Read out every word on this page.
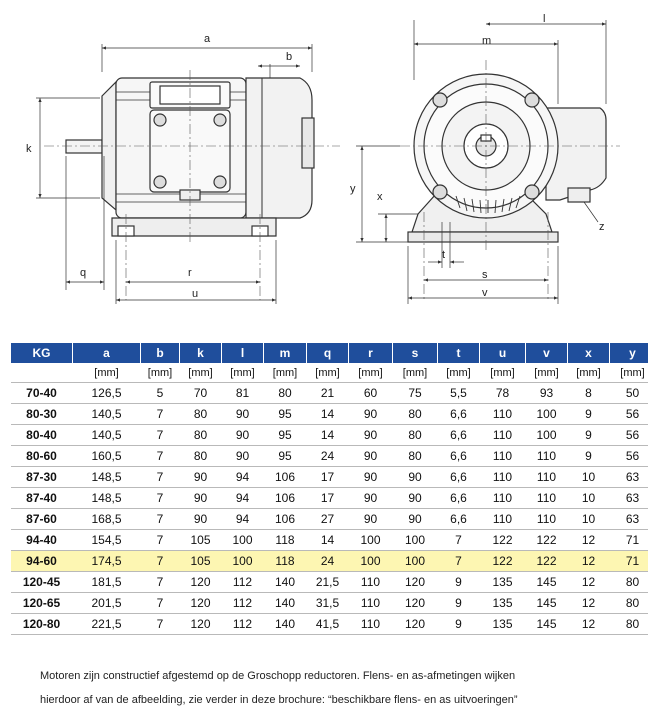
a
b
k
q	r
u
l
m
y
x
t
z
s
v
KG	a	b	k	l	m	q	r	s	t	u	v	x	y
	[mm]	[mm]	[mm]	[mm]	[mm]	[mm]	[mm]	[mm]	[mm]	[mm]	[mm]	[mm]	[mm]
70-40	126,5	5	70	81	80	21	60	75	5,5	78	93	8	50
80-30	140,5	7	80	90	95	14	90	80	6,6	110	100	9	56
80-40	140,5	7	80	90	95	14	90	80	6,6	110	100	9	56
80-60	160,5	7	80	90	95	24	90	80	6,6	110	110	9	56
87-30	148,5	7	90	94	106	17	90	90	6,6	110	110	10	63
87-40	148,5	7	90	94	106	17	90	90	6,6	110	110	10	63
87-60	168,5	7	90	94	106	27	90	90	6,6	110	110	10	63
94-40	154,5	7	105	100	118	14	100	100	7	122	122	12	71
94-60	174,5	7	105	100	118	24	100	100	7	122	122	12	71
120-45	181,5	7	120	112	140	21,5	110	120	9	135	145	12	80
120-65	201,5	7	120	112	140	31,5	110	120	9	135	145	12	80
120-80	221,5	7	120	112	140	41,5	110	120	9	135	145	12	80
Motoren zijn constructief afgestemd op de Groschopp reductoren. Flens- en as-afmetingen wijken
hierdoor af van de afbeelding, zie verder in deze brochure: “beschikbare flens- en as uitvoeringen”
